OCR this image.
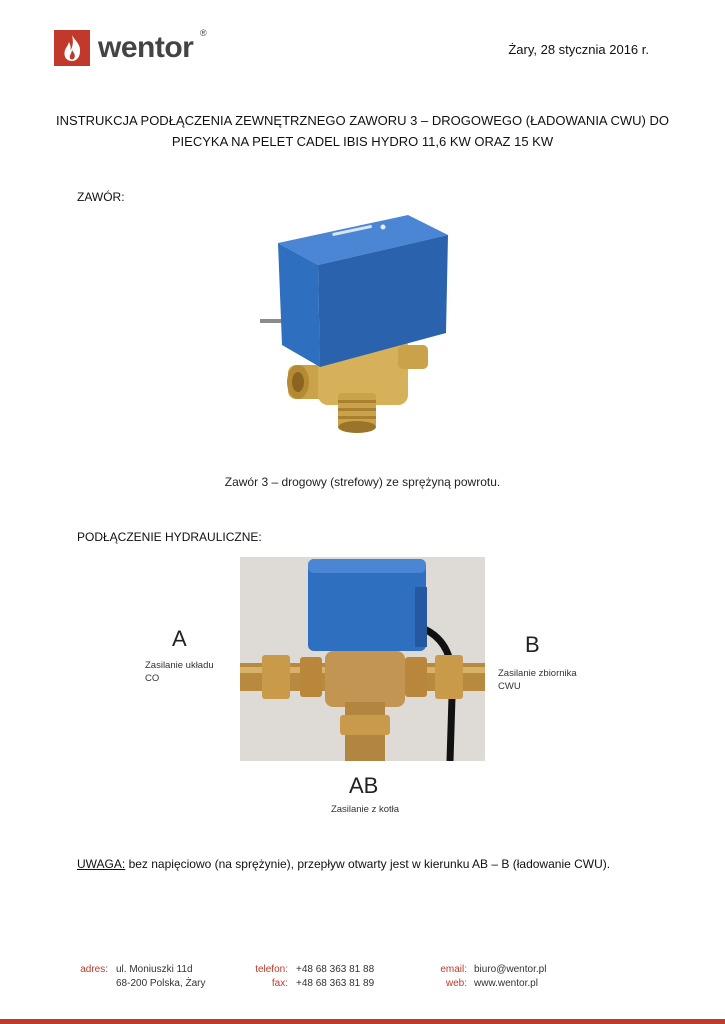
wentor ®
Żary, 28 stycznia 2016 r.
INSTRUKCJA PODŁĄCZENIA ZEWNĘTRZNEGO ZAWORU 3 – DROGOWEGO (ŁADOWANIA CWU) DO
PIECYKA NA PELET CADEL IBIS HYDRO 11,6 KW ORAZ 15 KW
ZAWÓR:
Zawór 3 – drogowy (strefowy) ze sprężyną powrotu.
PODŁĄCZENIE HYDRAULICZNE:
A
Zasilanie układu
CO
B
Zasilanie zbiornika
CWU
AB
Zasilanie z kotła
UWAGA: bez napięciowo (na sprężynie), przepływ otwarty jest w kierunku AB – B (ładowanie CWU).
adres: ul. Moniuszki 11d
68-200 Polska, Żary
telefon:
fax:
+48 68 363 81 88
+48 68 363 81 89
email:
web:
biuro@wentor.pl
www.wentor.pl
